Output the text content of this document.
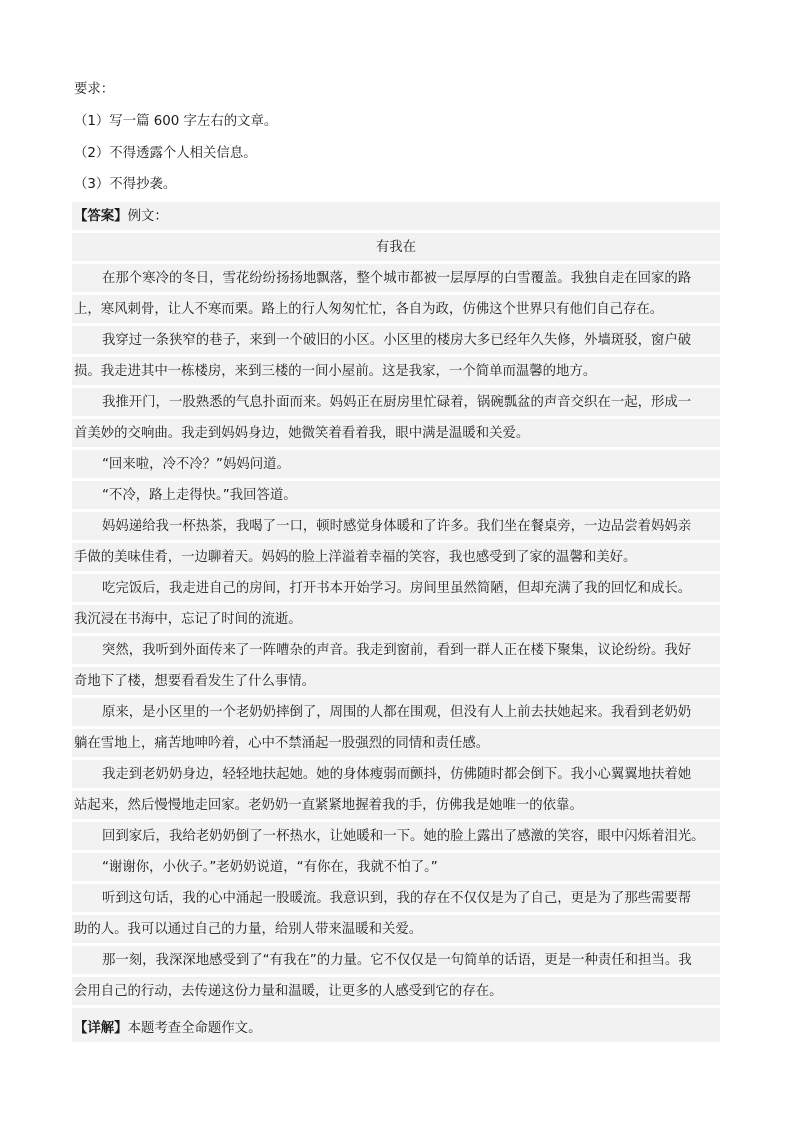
要求：
（1）写一篇 600 字左右的文章。
（2）不得透露个人相关信息。
（3）不得抄袭。
【答案】例文：
有我在
在那个寒冷的冬日，雪花纷纷扬扬地飘落，整个城市都被一层厚厚的白雪覆盖。我独自走在回家的路
上，寒风刺骨，让人不寒而栗。路上的行人匆匆忙忙，各自为政，仿佛这个世界只有他们自己存在。
我穿过一条狭窄的巷子，来到一个破旧的小区。小区里的楼房大多已经年久失修，外墙斑驳，窗户破
损。我走进其中一栋楼房，来到三楼的一间小屋前。这是我家，一个简单而温馨的地方。
我推开门，一股熟悉的气息扑面而来。妈妈正在厨房里忙碌着，锅碗瓢盆的声音交织在一起，形成一
首美妙的交响曲。我走到妈妈身边，她微笑着看着我，眼中满是温暖和关爱。
“回来啦，冷不冷？”妈妈问道。
“不冷，路上走得快。”我回答道。
妈妈递给我一杯热茶，我喝了一口，顿时感觉身体暖和了许多。我们坐在餐桌旁，一边品尝着妈妈亲
手做的美味佳肴，一边聊着天。妈妈的脸上洋溢着幸福的笑容，我也感受到了家的温馨和美好。
吃完饭后，我走进自己的房间，打开书本开始学习。房间里虽然简陋，但却充满了我的回忆和成长。
我沉浸在书海中，忘记了时间的流逝。
突然，我听到外面传来了一阵嘈杂的声音。我走到窗前，看到一群人正在楼下聚集，议论纷纷。我好
奇地下了楼，想要看看发生了什么事情。
原来，是小区里的一个老奶奶摔倒了，周围的人都在围观，但没有人上前去扶她起来。我看到老奶奶
躺在雪地上，痛苦地呻吟着，心中不禁涌起一股强烈的同情和责任感。
我走到老奶奶身边，轻轻地扶起她。她的身体瘦弱而颤抖，仿佛随时都会倒下。我小心翼翼地扶着她
站起来，然后慢慢地走回家。老奶奶一直紧紧地握着我的手，仿佛我是她唯一的依靠。
回到家后，我给老奶奶倒了一杯热水，让她暖和一下。她的脸上露出了感激的笑容，眼中闪烁着泪光。
“谢谢你，小伙子。”老奶奶说道，“有你在，我就不怕了。”
听到这句话，我的心中涌起一股暖流。我意识到，我的存在不仅仅是为了自己，更是为了那些需要帮
助的人。我可以通过自己的力量，给别人带来温暖和关爱。
那一刻，我深深地感受到了“有我在”的力量。它不仅仅是一句简单的话语，更是一种责任和担当。我
会用自己的行动，去传递这份力量和温暖，让更多的人感受到它的存在。
【详解】本题考查全命题作文。
